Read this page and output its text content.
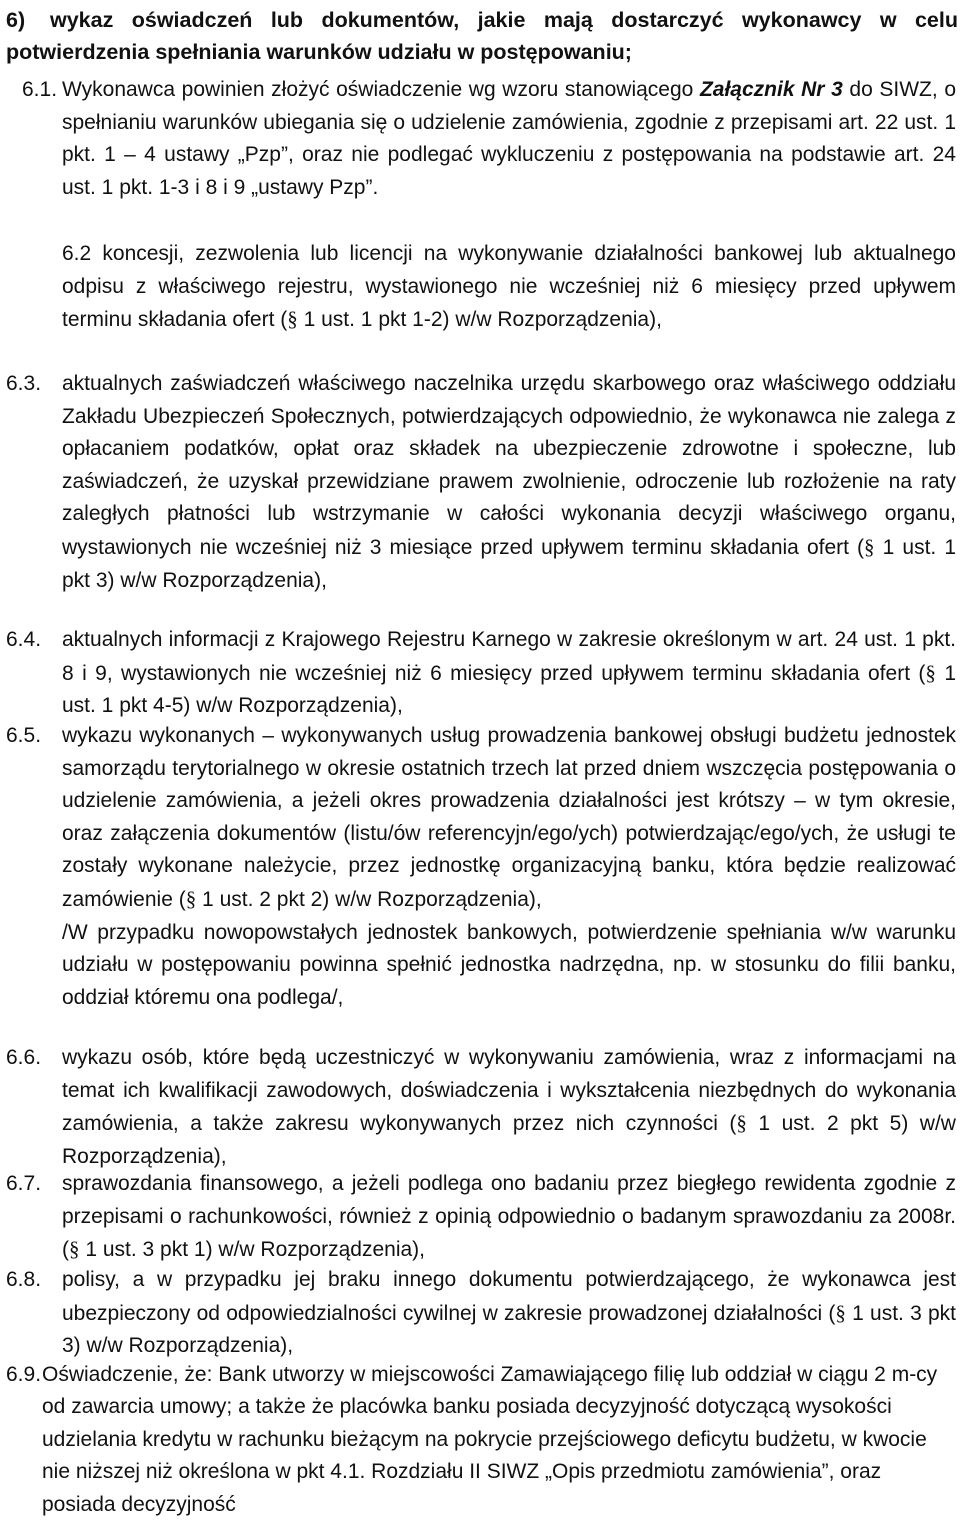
6) wykaz oświadczeń lub dokumentów, jakie mają dostarczyć wykonawcy w celu potwierdzenia spełniania warunków udziału w postępowaniu;
6.1. Wykonawca powinien złożyć oświadczenie wg wzoru stanowiącego Załącznik Nr 3 do SIWZ, o spełnianiu warunków ubiegania się o udzielenie zamówienia, zgodnie z przepisami art. 22 ust. 1 pkt. 1 – 4 ustawy „Pzp”, oraz nie podlegać wykluczeniu z postępowania na podstawie art. 24 ust. 1 pkt. 1-3 i 8 i 9 „ustawy Pzp”.
6.2 koncesji, zezwolenia lub licencji na wykonywanie działalności bankowej lub aktualnego odpisu z właściwego rejestru, wystawionego nie wcześniej niż 6 miesięcy przed upływem terminu składania ofert (§ 1 ust. 1 pkt 1-2) w/w Rozporządzenia),
6.3. aktualnych zaświadczeń właściwego naczelnika urzędu skarbowego oraz właściwego oddziału Zakładu Ubezpieczeń Społecznych, potwierdzających odpowiednio, że wykonawca nie zalega z opłacaniem podatków, opłat oraz składek na ubezpieczenie zdrowotne i społeczne, lub zaświadczeń, że uzyskał przewidziane prawem zwolnienie, odroczenie lub rozłożenie na raty zaległych płatności lub wstrzymanie w całości wykonania decyzji właściwego organu, wystawionych nie wcześniej niż 3 miesiące przed upływem terminu składania ofert (§ 1 ust. 1 pkt 3) w/w Rozporządzenia),
6.4. aktualnych informacji z Krajowego Rejestru Karnego w zakresie określonym w art. 24 ust. 1 pkt. 8 i 9, wystawionych nie wcześniej niż 6 miesięcy przed upływem terminu składania ofert (§ 1 ust. 1 pkt 4-5) w/w Rozporządzenia),
6.5. wykazu wykonanych – wykonywanych usług prowadzenia bankowej obsługi budżetu jednostek samorządu terytorialnego w okresie ostatnich trzech lat przed dniem wszczęcia postępowania o udzielenie zamówienia, a jeżeli okres prowadzenia działalności jest krótszy – w tym okresie, oraz załączenia dokumentów (listu/ów referencyjn/ego/ych) potwierdzając/ego/ych, że usługi te zostały wykonane należycie, przez jednostkę organizacyjną banku, która będzie realizować zamówienie (§ 1 ust. 2 pkt 2) w/w Rozporządzenia),
/W przypadku nowopowstałych jednostek bankowych, potwierdzenie spełniania w/w warunku udziału w postępowaniu powinna spełnić jednostka nadrzędna, np. w stosunku do filii banku, oddział któremu ona podlega/,
6.6. wykazu osób, które będą uczestniczyć w wykonywaniu zamówienia, wraz z informacjami na temat ich kwalifikacji zawodowych, doświadczenia i wykształcenia niezbędnych do wykonania zamówienia, a także zakresu wykonywanych przez nich czynności (§ 1 ust. 2 pkt 5) w/w Rozporządzenia),
6.7. sprawozdania finansowego, a jeżeli podlega ono badaniu przez biegłego rewidenta zgodnie z przepisami o rachunkowości, również z opinią odpowiednio o badanym sprawozdaniu za 2008r. (§ 1 ust. 3 pkt 1) w/w Rozporządzenia),
6.8. polisy, a w przypadku jej braku innego dokumentu potwierdzającego, że wykonawca jest ubezpieczony od odpowiedzialności cywilnej w zakresie prowadzonej działalności (§ 1 ust. 3 pkt 3) w/w Rozporządzenia),
6.9. Oświadczenie, że: Bank utworzy w miejscowości Zamawiającego filię lub oddział w ciągu 2 m-cy od zawarcia umowy; a także że placówka banku posiada decyzyjność dotyczącą wysokości udzielania kredytu w rachunku bieżącym na pokrycie przejściowego deficytu budżetu, w kwocie nie niższej niż określona w pkt 4.1. Rozdziału II SIWZ „Opis przedmiotu zamówienia”, oraz posiada decyzyjność
